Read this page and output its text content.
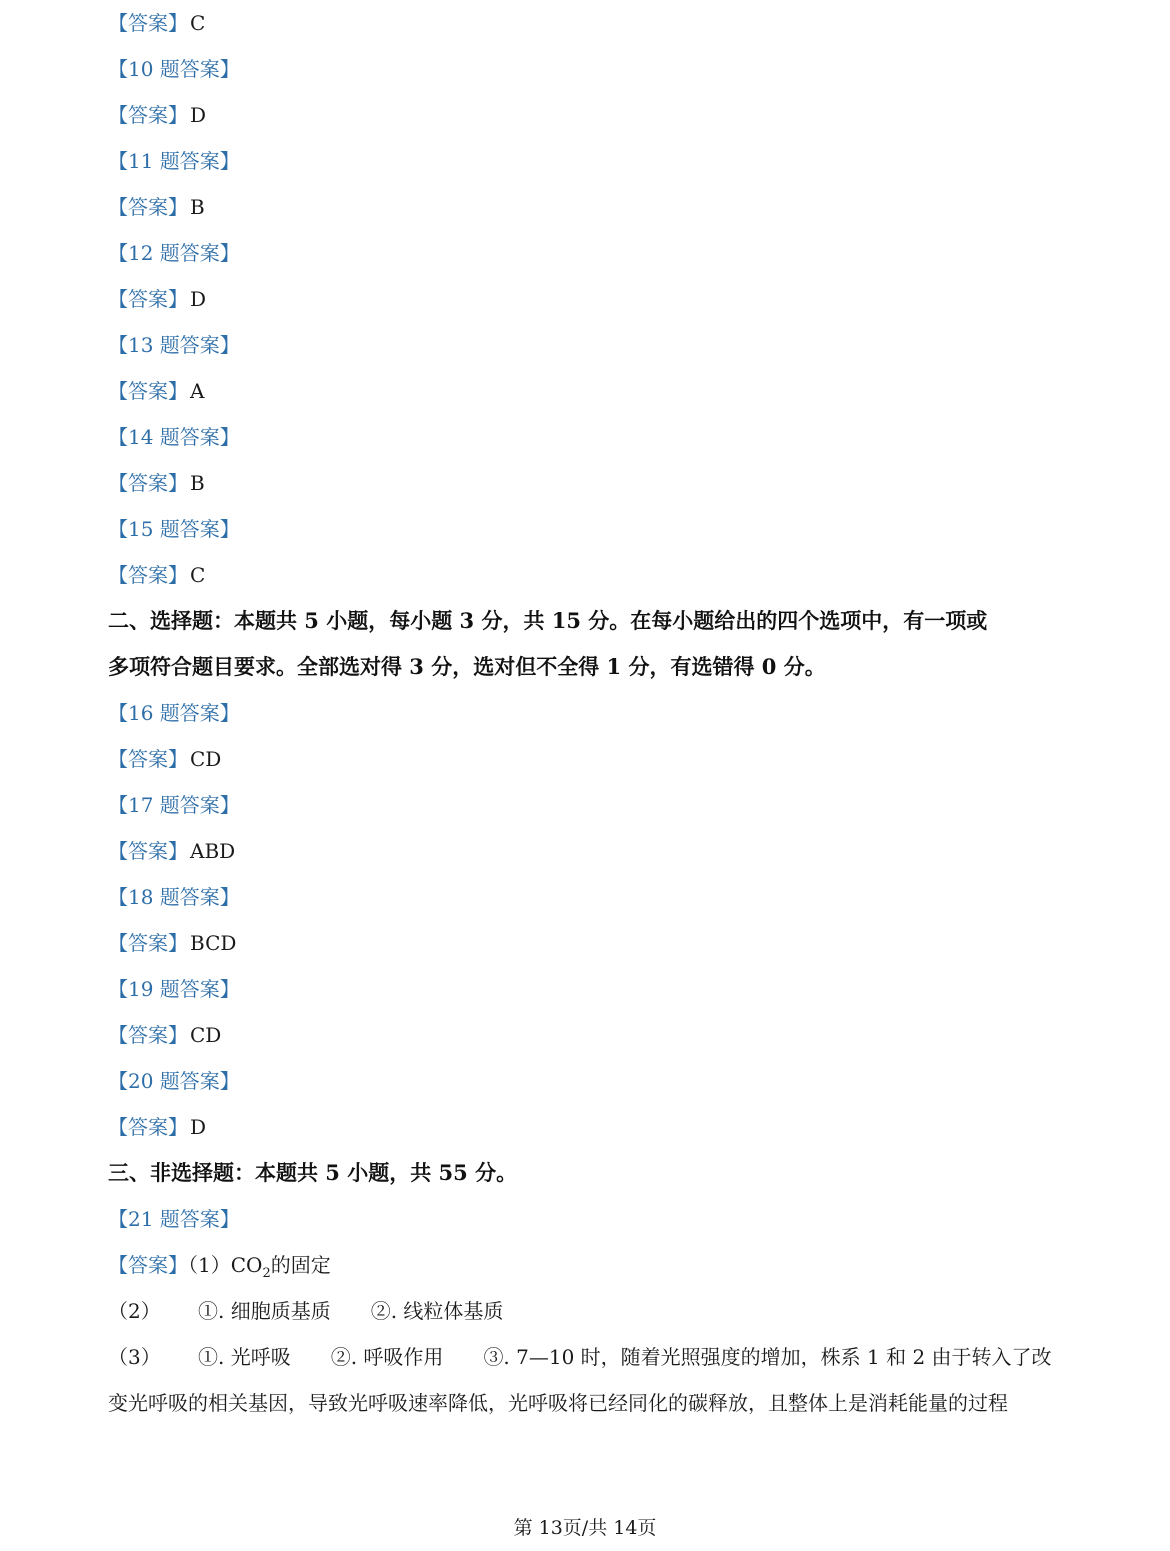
【答案】 C
【10 题答案】
【答案】 D
【11 题答案】
【答案】 B
【12 题答案】
【答案】 D
【13 题答案】
【答案】 A
【14 题答案】
【答案】 B
【15 题答案】
【答案】 C
二、选择题：本题共 5 小题，每小题 3 分，共 15 分。在每小题给出的四个选项中，有一项或
多项符合题目要求。全部选对得 3 分，选对但不全得 1 分，有选错得 0 分。
【16 题答案】
【答案】 CD
【17 题答案】
【答案】 ABD
【18 题答案】
【答案】 BCD
【19 题答案】
【答案】 CD
【20 题答案】
【答案】 D
三、非选择题：本题共 5 小题，共 55 分。
【21 题答案】
【答案】$(1)CO_2$的固定
（2） ①. 细胞质基质 ②. 线粒体基质
（3） ①. 光呼吸 ②. 呼吸作用 ③. 7—10 时，随着光照强度的增加，株系 1 和 2 由于转入了改
变光呼吸的相关基因，导致光呼吸速率降低，光呼吸将已经同化的碳释放，且整体上是消耗能量的过程
第 13页/共 14页
